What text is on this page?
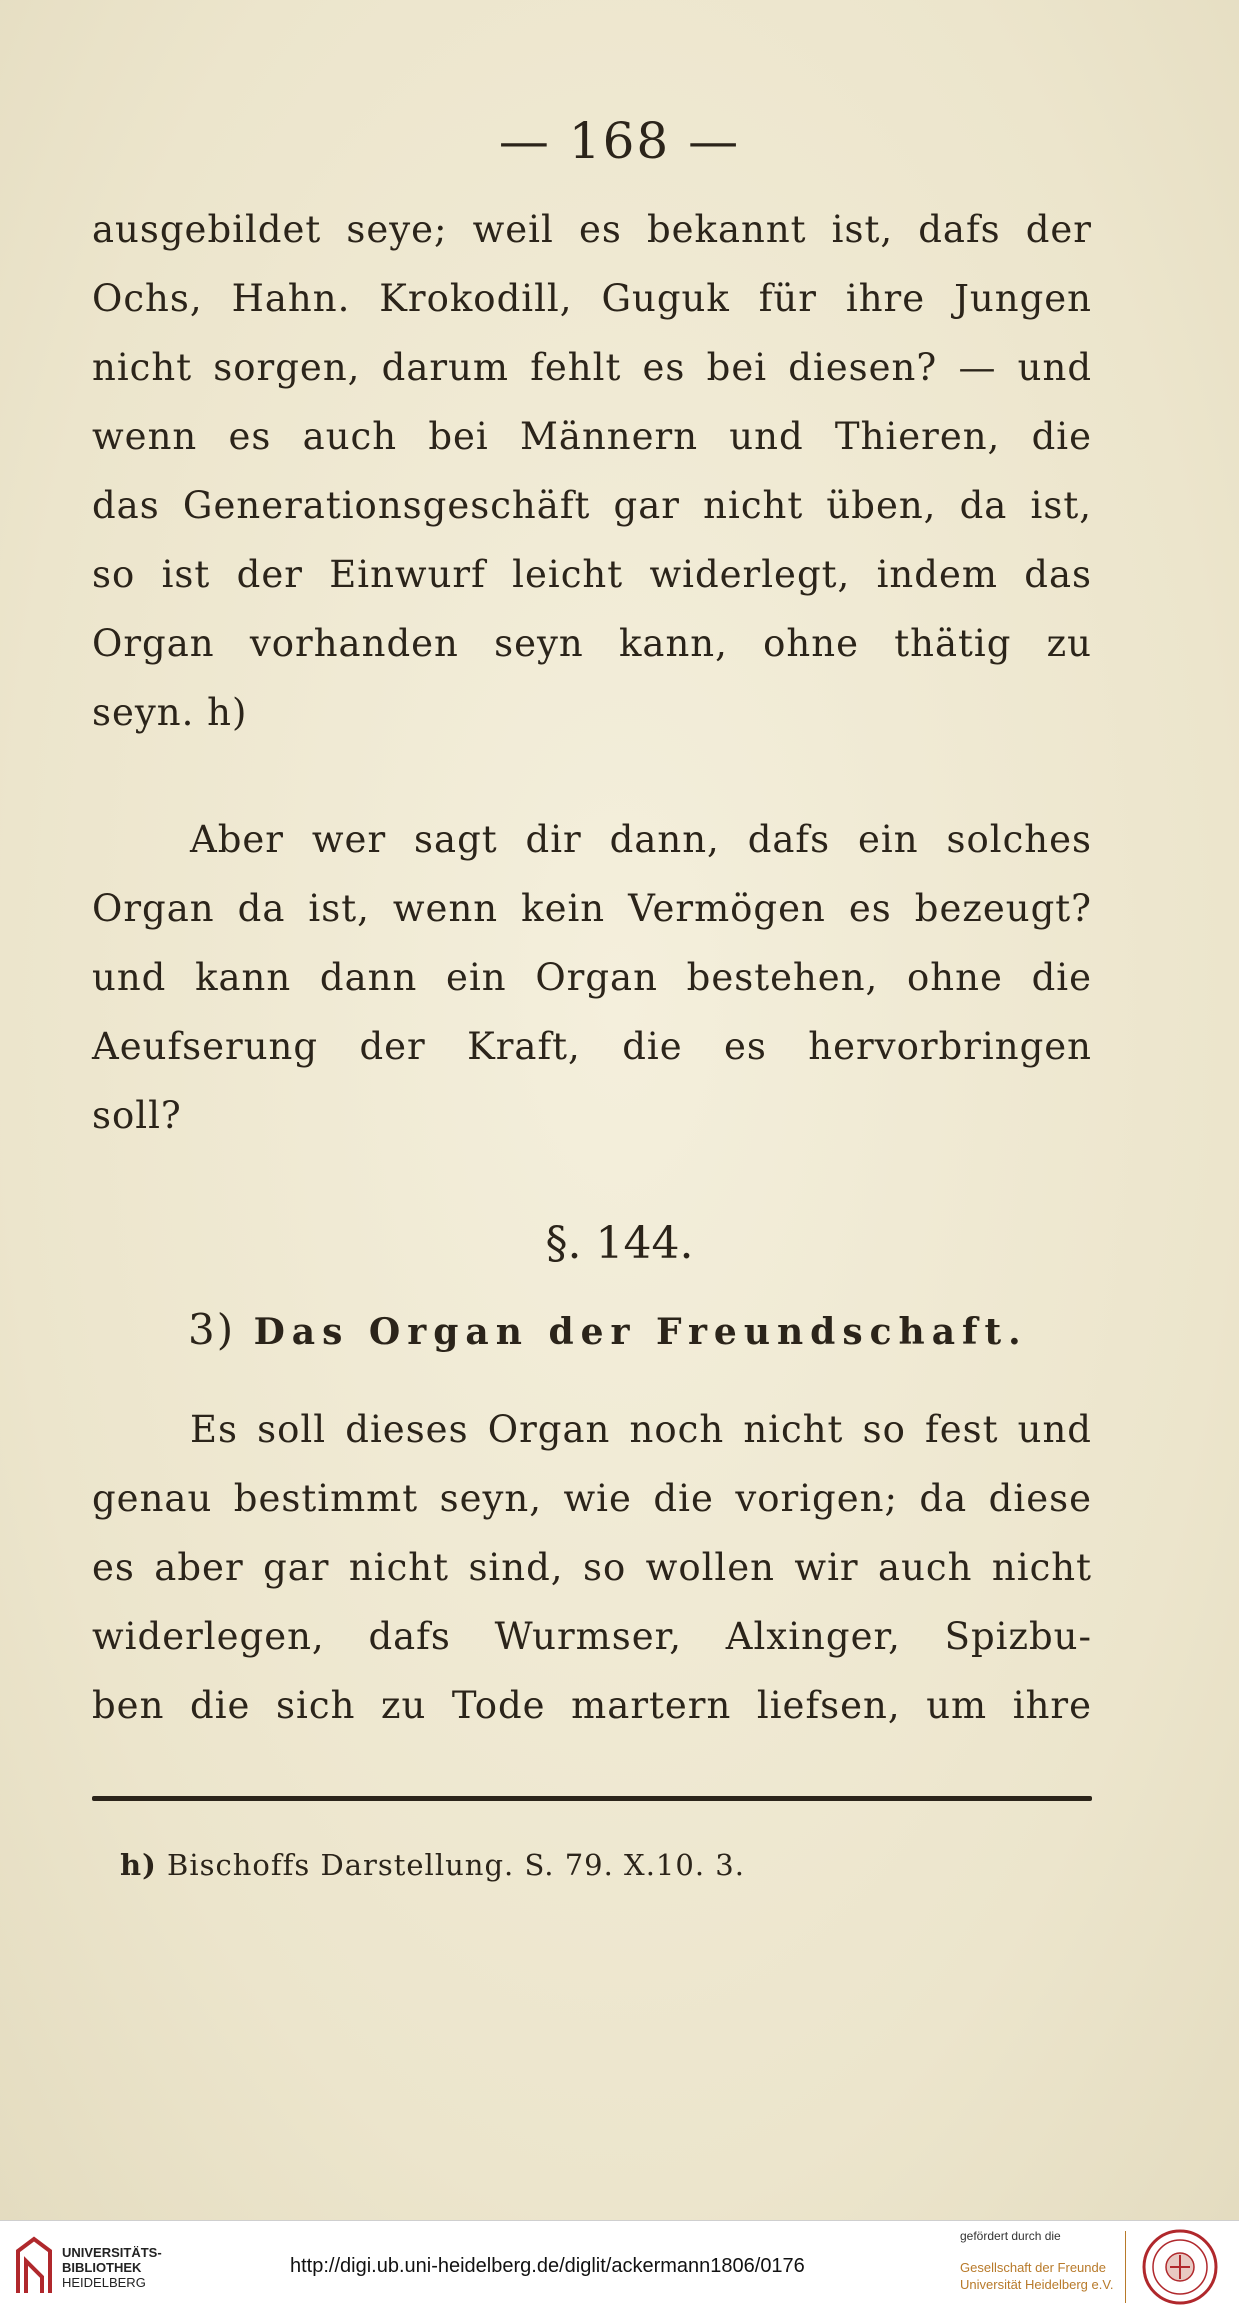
— 168 —
ausgebildet seye; weil es bekannt ist, dafs der
Ochs, Hahn. Krokodill, Guguk für ihre Jungen
nicht sorgen, darum fehlt es bei diesen? — und
wenn es auch bei Männern und Thieren, die
das Generationsgeschäft gar nicht üben, da ist,
so ist der Einwurf leicht widerlegt, indem das
Organ vorhanden seyn kann, ohne thätig zu
seyn. h)
Aber wer sagt dir dann, dafs ein solches
Organ da ist, wenn kein Vermögen es bezeugt?
und kann dann ein Organ bestehen, ohne die
Aeufserung der Kraft, die es hervorbringen
soll?
§. 144.
3) Das Organ der Freundschaft.
Es soll dieses Organ noch nicht so fest und
genau bestimmt seyn, wie die vorigen; da diese
es aber gar nicht sind, so wollen wir auch nicht
widerlegen, dafs Wurmser, Alxinger, Spizbu-
ben die sich zu Tode martern liefsen, um ihre
h) Bischoffs Darstellung. S. 79. X.10. 3.
UNIVERSITÄTS-
BIBLIOTHEK
HEIDELBERG
http://digi.ub.uni-heidelberg.de/diglit/ackermann1806/0176
gefördert durch die
Gesellschaft der Freunde
Universität Heidelberg e.V.
